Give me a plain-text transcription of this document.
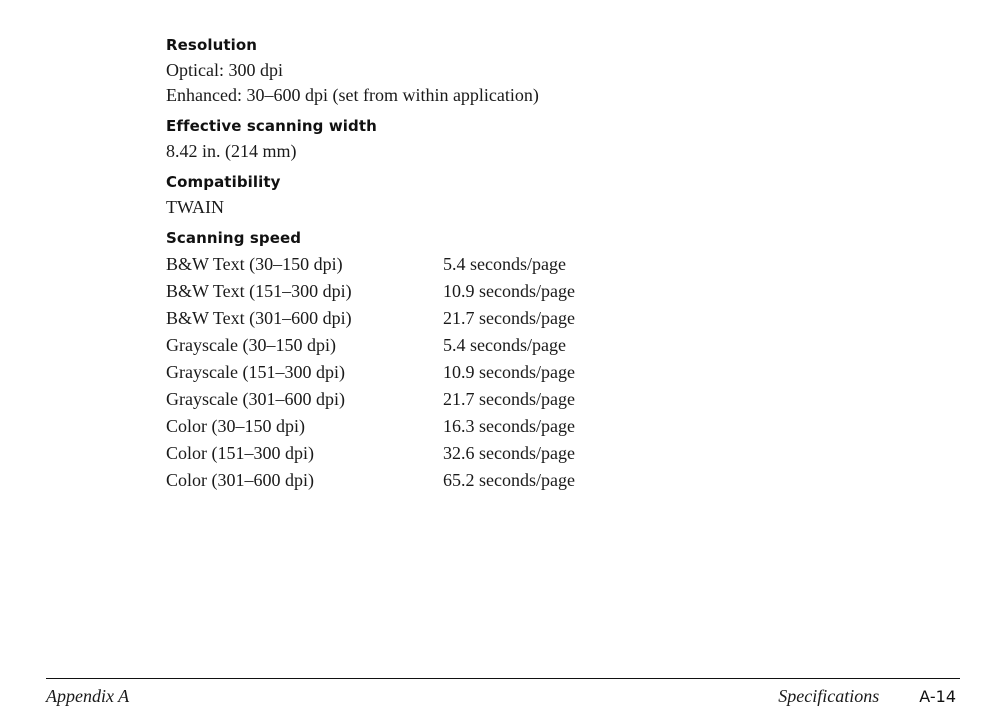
Resolution

Optical: 300 dpi

Enhanced: 30–600 dpi (set from within application)

Effective scanning width

8.42 in. (214 mm)

Compatibility

TWAIN

Scanning speed

B&W Text (30–150 dpi)	5.4 seconds/page
B&W Text (151–300 dpi)	10.9 seconds/page
B&W Text (301–600 dpi)	21.7 seconds/page
Grayscale (30–150 dpi)	5.4 seconds/page
Grayscale (151–300 dpi)	10.9 seconds/page
Grayscale (301–600 dpi)	21.7 seconds/page
Color (30–150 dpi)	16.3 seconds/page
Color (151–300 dpi)	32.6 seconds/page
Color (301–600 dpi)	65.2 seconds/page
Appendix A	Specifications	A-14
